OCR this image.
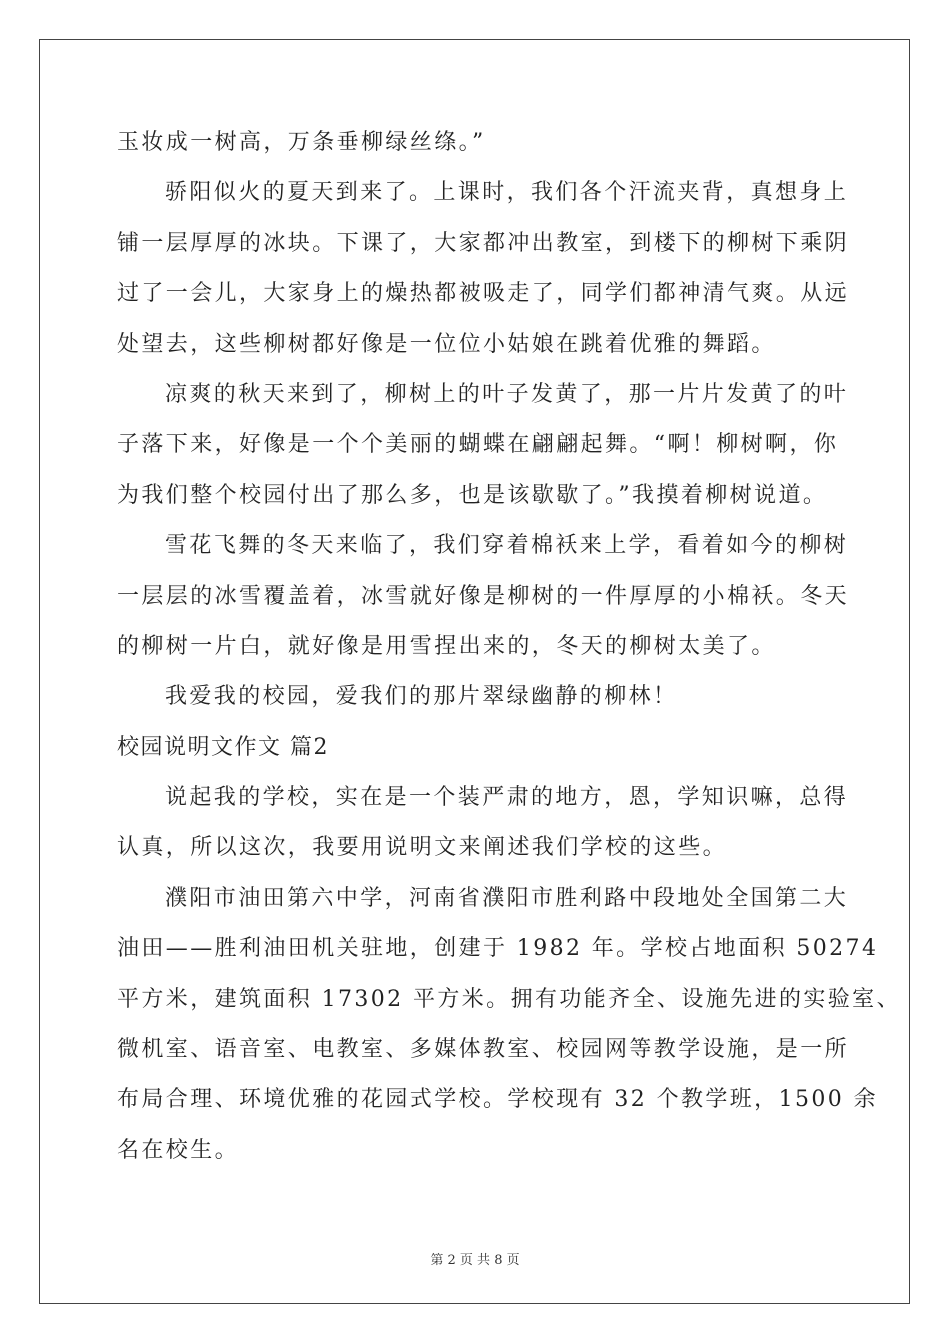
玉妆成一树高，万条垂柳绿丝绦。”
骄阳似火的夏天到来了。上课时，我们各个汗流夹背，真想身上
铺一层厚厚的冰块。下课了，大家都冲出教室，到楼下的柳树下乘阴
过了一会儿，大家身上的燥热都被吸走了，同学们都神清气爽。从远
处望去，这些柳树都好像是一位位小姑娘在跳着优雅的舞蹈。
凉爽的秋天来到了，柳树上的叶子发黄了，那一片片发黄了的叶
子落下来，好像是一个个美丽的蝴蝶在翩翩起舞。“啊！柳树啊，你
为我们整个校园付出了那么多，也是该歇歇了。”我摸着柳树说道。
雪花飞舞的冬天来临了，我们穿着棉袄来上学，看着如今的柳树
一层层的冰雪覆盖着，冰雪就好像是柳树的一件厚厚的小棉袄。冬天
的柳树一片白，就好像是用雪捏出来的，冬天的柳树太美了。
我爱我的校园，爱我们的那片翠绿幽静的柳林！
校园说明文作文 篇2
说起我的学校，实在是一个装严肃的地方，恩，学知识嘛，总得
认真，所以这次，我要用说明文来阐述我们学校的这些。
濮阳市油田第六中学，河南省濮阳市胜利路中段地处全国第二大
油田——胜利油田机关驻地，创建于 1982 年。学校占地面积 50274
平方米，建筑面积 17302 平方米。拥有功能齐全、设施先进的实验室、
微机室、语音室、电教室、多媒体教室、校园网等教学设施，是一所
布局合理、环境优雅的花园式学校。学校现有 32 个教学班，1500 余
名在校生。
第 2 页 共 8 页
